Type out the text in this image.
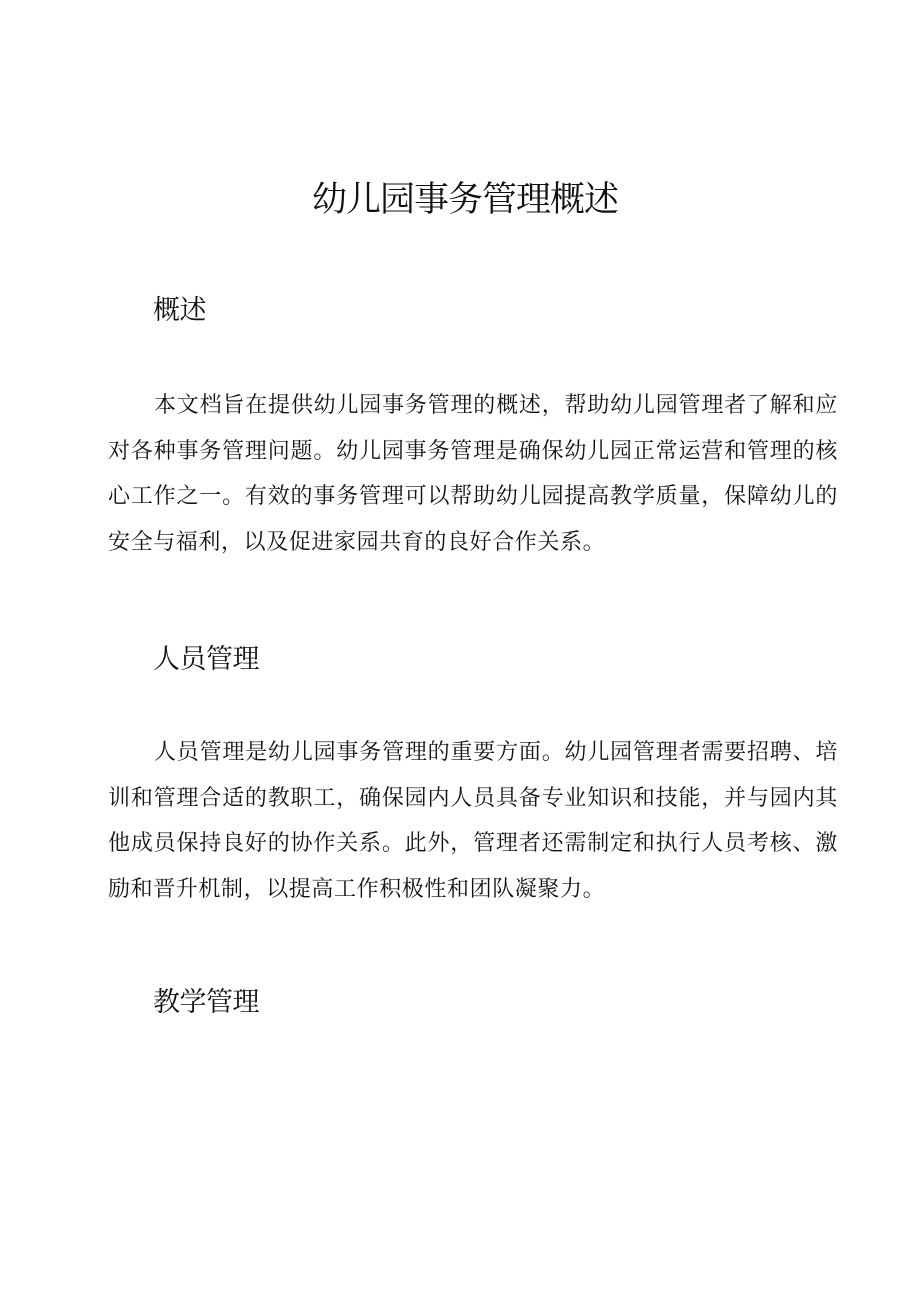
幼儿园事务管理概述
概述

本文档旨在提供幼儿园事务管理的概述，帮助幼儿园管理者了解和应对各种事务管理问题。幼儿园事务管理是确保幼儿园正常运营和管理的核心工作之一。有效的事务管理可以帮助幼儿园提高教学质量，保障幼儿的安全与福利，以及促进家园共育的良好合作关系。

人员管理

人员管理是幼儿园事务管理的重要方面。幼儿园管理者需要招聘、培训和管理合适的教职工，确保园内人员具备专业知识和技能，并与园内其他成员保持良好的协作关系。此外，管理者还需制定和执行人员考核、激励和晋升机制，以提高工作积极性和团队凝聚力。

教学管理
